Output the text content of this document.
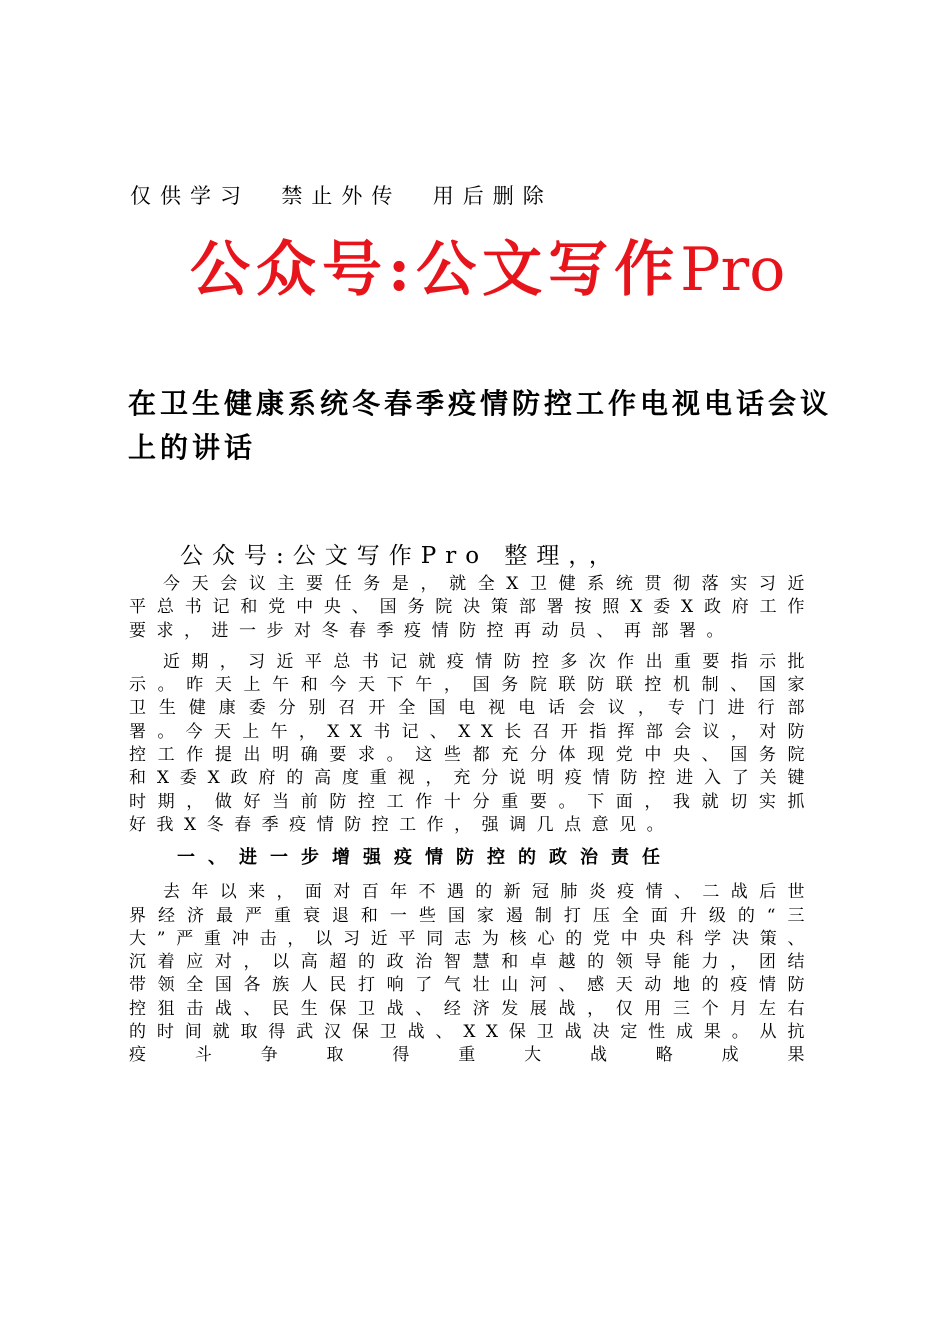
仅供学习  禁止外传  用后删除
公众号:公文写作Pro
在卫生健康系统冬春季疫情防控工作电视电话会议上的讲话
公众号:公文写作Pro 整理，，

今天会议主要任务是，就全X卫健系统贯彻落实习近平总书记和党中央、国务院决策部署按照X委X政府工作要求，进一步对冬春季疫情防控再动员、再部署。

近期，习近平总书记就疫情防控多次作出重要指示批示。昨天上午和今天下午，国务院联防联控机制、国家卫生健康委分别召开全国电视电话会议，专门进行部署。今天上午，XX书记、XX长召开指挥部会议，对防控工作提出明确要求。这些都充分体现党中央、国务院和X委X政府的高度重视，充分说明疫情防控进入了关键时期，做好当前防控工作十分重要。下面，我就切实抓好我X冬春季疫情防控工作，强调几点意见。

一、进一步增强疫情防控的政治责任

去年以来，面对百年不遇的新冠肺炎疫情、二战后世界经济最严重衰退和一些国家遏制打压全面升级的“三大”严重冲击，以习近平同志为核心的党中央科学决策、沉着应对，以高超的政治智慧和卓越的领导能力，团结带领全国各族人民打响了气壮山河、感天动地的疫情防控狙击战、民生保卫战、经济发展战，仅用三个月左右的时间就取得武汉保卫战、XX保卫战决定性成果。从抗疫斗争取得重大战略成果
